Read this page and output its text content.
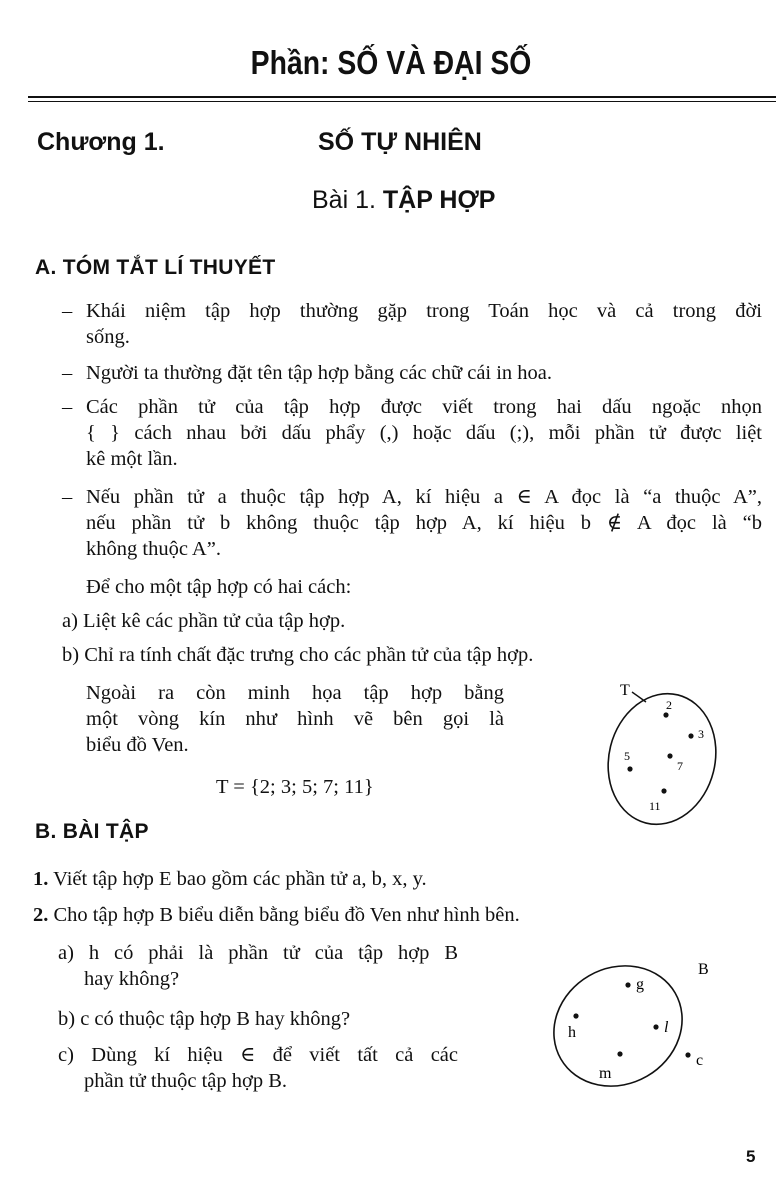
Phần: SỐ VÀ ĐẠI SỐ
Chương 1.	SỐ TỰ NHIÊN
Bài 1. TẬP HỢP
A. TÓM TẮT LÍ THUYẾT
– Khái niệm tập hợp thường gặp trong Toán học và cả trong đời
sống.
– Người ta thường đặt tên tập hợp bằng các chữ cái in hoa.
– Các phần tử của tập hợp được viết trong hai dấu ngoặc nhọn
{ } cách nhau bởi dấu phẩy (,) hoặc dấu (;), mỗi phần tử được liệt
kê một lần.
– Nếu phần tử a thuộc tập hợp A, kí hiệu a ∈ A đọc là “a thuộc A”,
nếu phần tử b không thuộc tập hợp A, kí hiệu b ∉ A đọc là “b
không thuộc A”.
Để cho một tập hợp có hai cách:
a) Liệt kê các phần tử của tập hợp.
b) Chỉ ra tính chất đặc trưng cho các phần tử của tập hợp.
Ngoài ra còn minh họa tập hợp bằng
một vòng kín như hình vẽ bên gọi là
biểu đồ Ven.
T = {2; 3; 5; 7; 11}
T
2
3
5
7
11
B. BÀI TẬP
1. Viết tập hợp E bao gồm các phần tử a, b, x, y.
2. Cho tập hợp B biểu diễn bằng biểu đồ Ven như hình bên.
a) h có phải là phần tử của tập hợp B
hay không?
b) c có thuộc tập hợp B hay không?
c) Dùng kí hiệu ∈ để viết tất cả các
phần tử thuộc tập hợp B.
B
g
h	l
m
c
5
